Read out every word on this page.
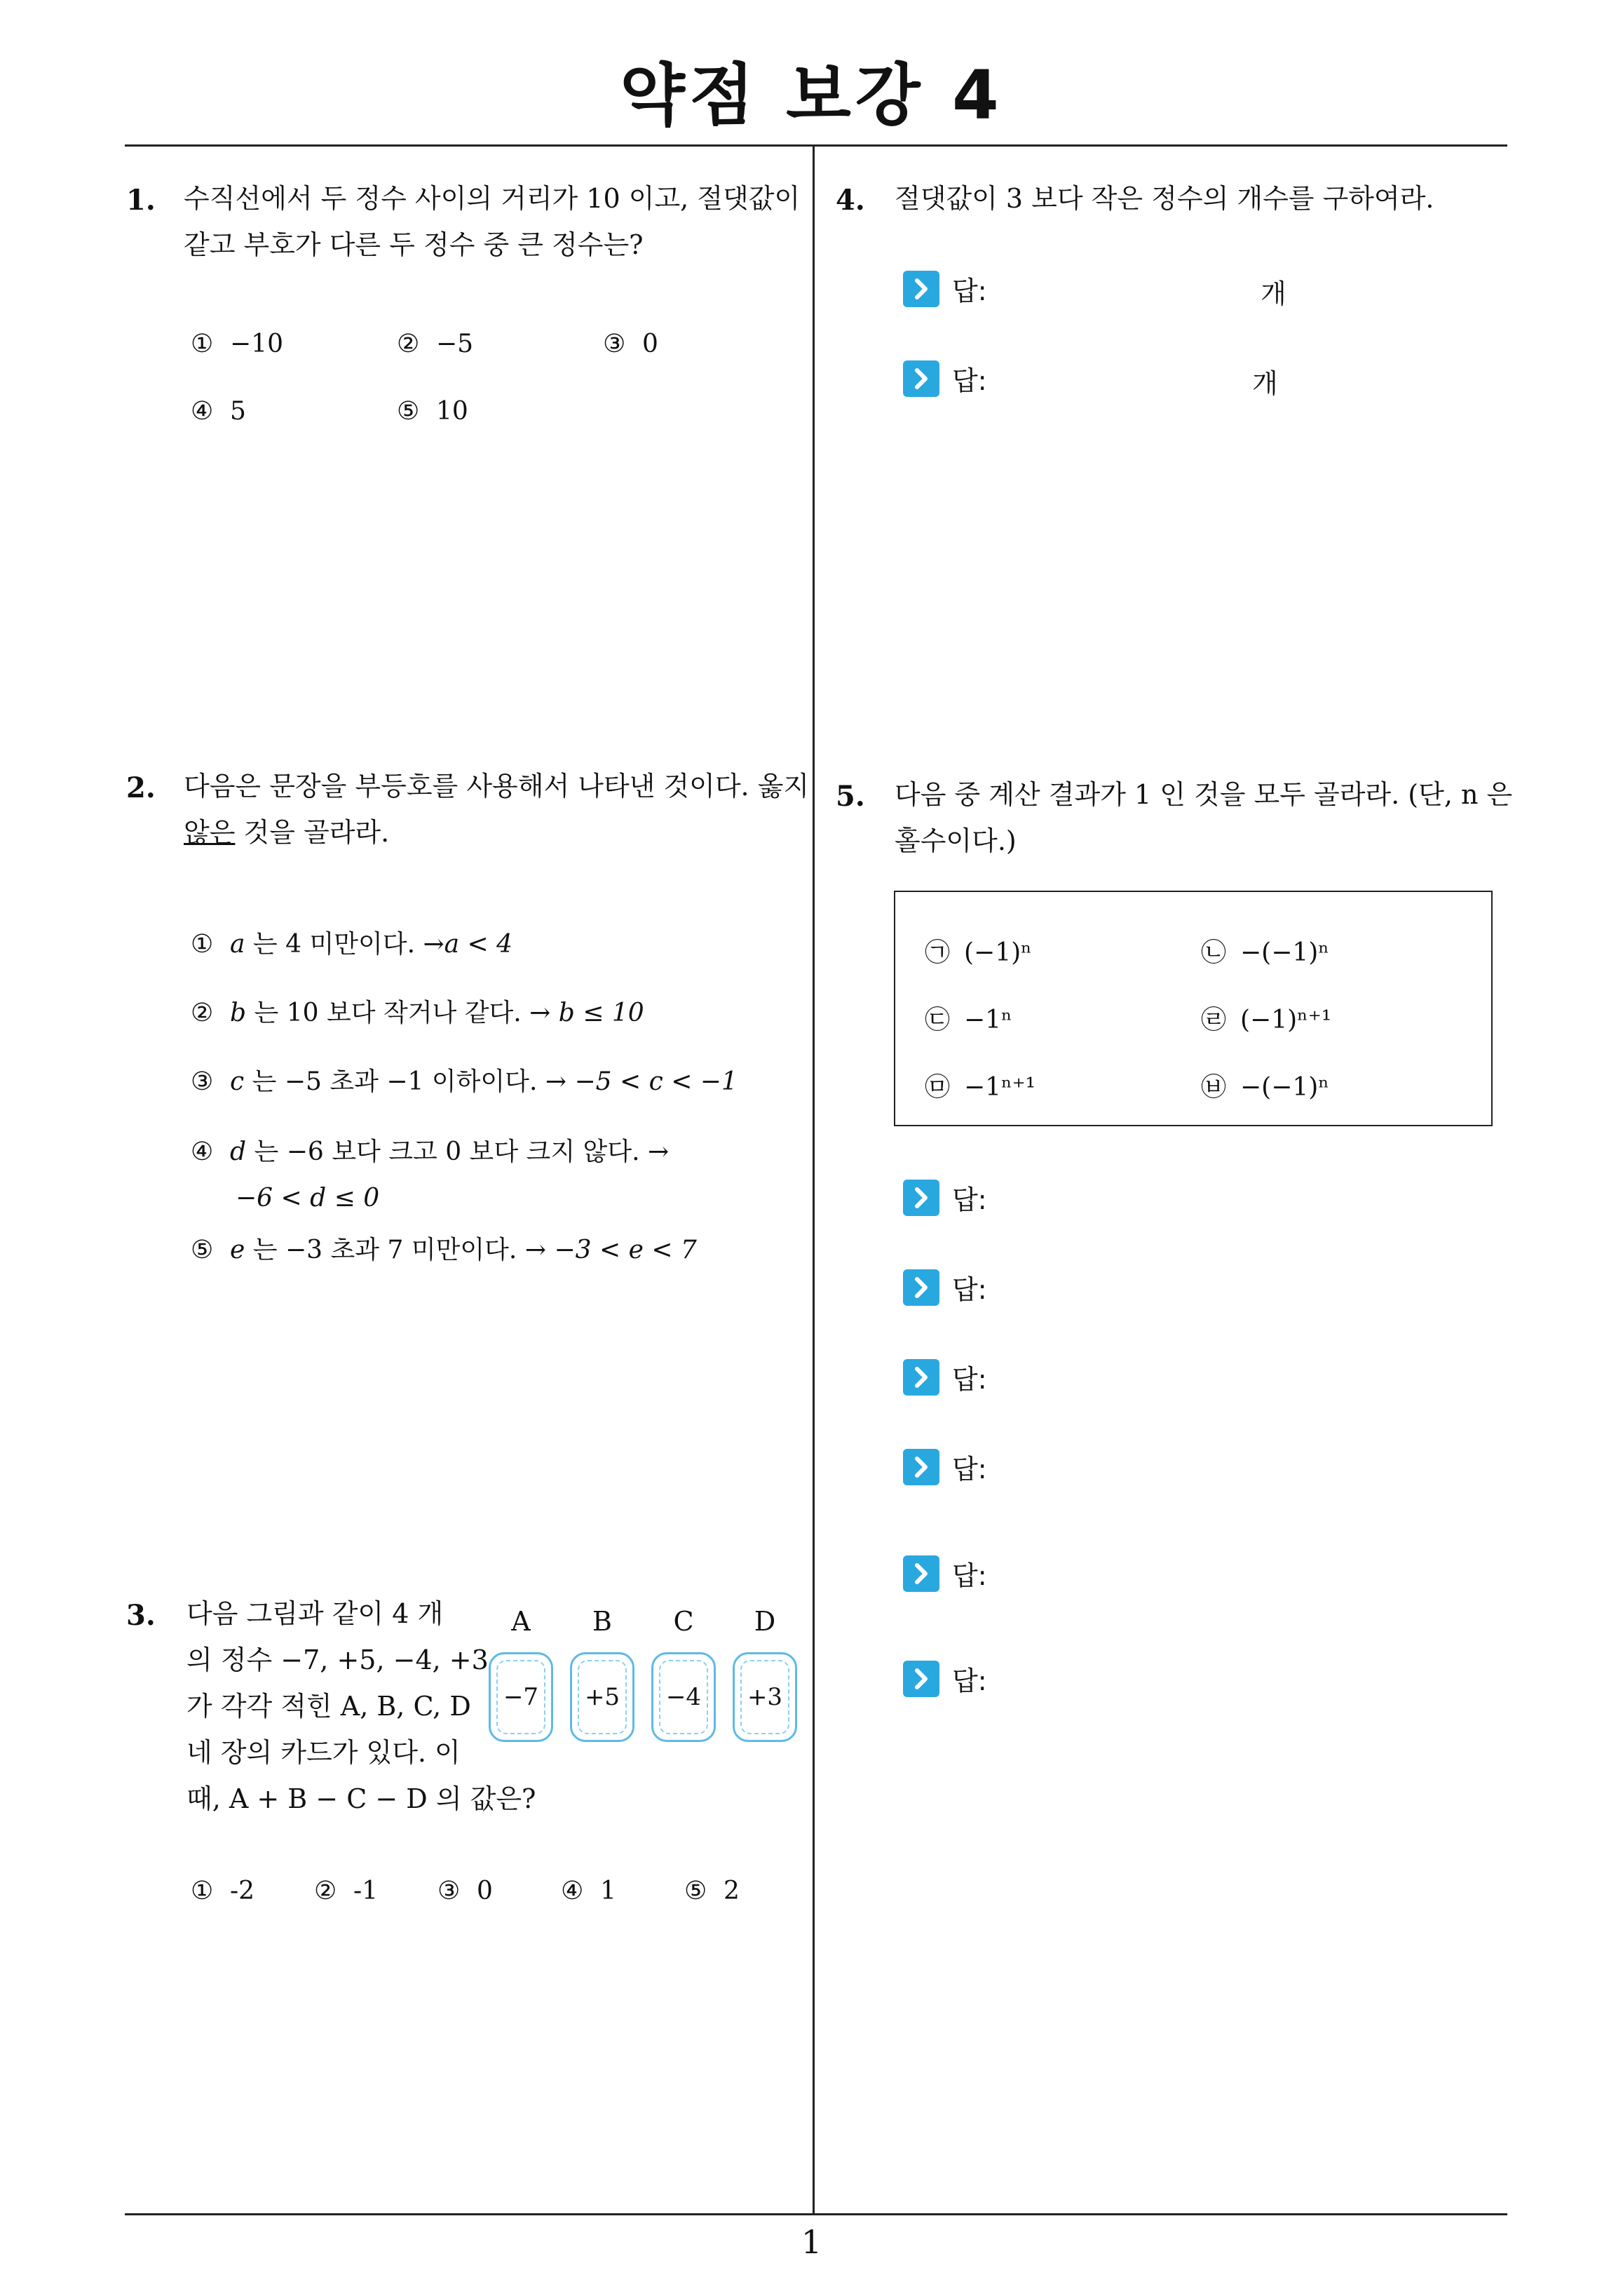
약점 보강 4
1. 수직선에서 두 정수 사이의 거리가 10 이고, 절댓값이
같고 부호가 다른 두 정수 중 큰 정수는?
① −10	② −5	③ 0
④ 5	⑤ 10
2. 다음은 문장을 부등호를 사용해서 나타낸 것이다. 옳지
않은 것을 골라라.
① a 는 4 미만이다. →a < 4
② b 는 10 보다 작거나 같다. → b ≤ 10
③ c 는 −5 초과 −1 이하이다. → −5 < c < −1
④ d 는 −6 보다 크고 0 보다 크지 않다. →
−6 < d ≤ 0
⑤ e 는 −3 초과 7 미만이다. → −3 < e < 7
3. 다음 그림과 같이 4 개
의 정수 −7, +5, −4, +3
가 각각 적힌 A, B, C, D
네 장의 카드가 있다. 이
때, A + B − C − D 의 값은?
A	B	C	D
−7 +5 −4 +3
① -2 ② -1 ③ 0	④ 1	⑤ 2
4. 절댓값이 3 보다 작은 정수의 개수를 구하여라.
답:	개
답:	개
5. 다음 중 계산 결과가 1 인 것을 모두 골라라. (단, n 은
홀수이다.)
㉠ (−1)ⁿ	㉡ −(−1)ⁿ
㉢ −1ⁿ	㉣ (−1)ⁿ⁺¹
㉤ −1ⁿ⁺¹	㉥ −(−1)ⁿ
답:
답:
답:
답:
답:
답:
1
